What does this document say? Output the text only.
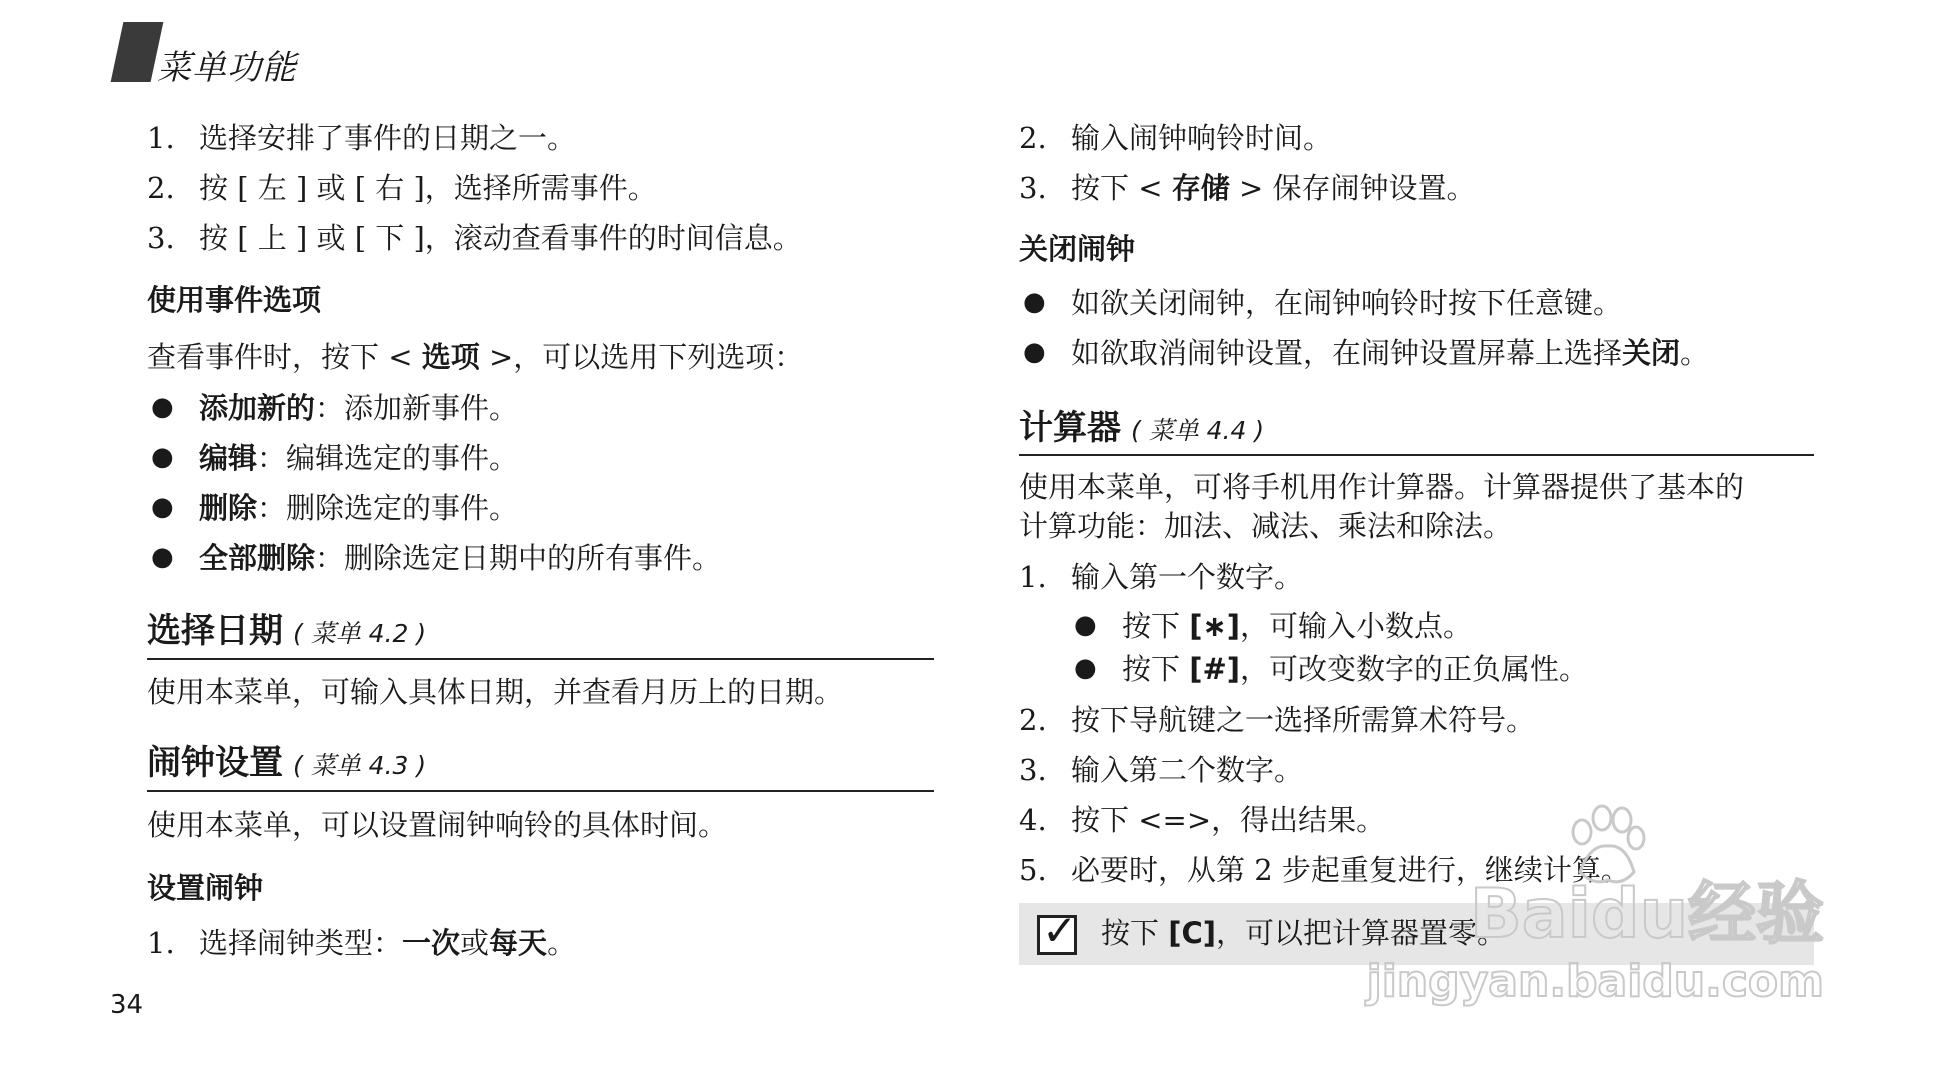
菜单功能
1. 选择安排了事件的日期之一。
2. 按 [ 左 ] 或 [ 右 ]，选择所需事件。
3. 按 [ 上 ] 或 [ 下 ]，滚动查看事件的时间信息。
使用事件选项
查看事件时，按下 < 选项 >，可以选用下列选项：
● 添加新的：添加新事件。
● 编辑：编辑选定的事件。
● 删除：删除选定的事件。
● 全部删除：删除选定日期中的所有事件。
选择日期 ( 菜单 4.2 )
使用本菜单，可输入具体日期，并查看月历上的日期。
闹钟设置 ( 菜单 4.3 )
使用本菜单，可以设置闹钟响铃的具体时间。
设置闹钟
1. 选择闹钟类型：一次或每天。
34
2. 输入闹钟响铃时间。
3. 按下 < 存储 > 保存闹钟设置。
关闭闹钟
● 如欲关闭闹钟，在闹钟响铃时按下任意键。
● 如欲取消闹钟设置，在闹钟设置屏幕上选择关闭。
计算器 ( 菜单 4.4 )
使用本菜单，可将手机用作计算器。计算器提供了基本的
计算功能：加法、减法、乘法和除法。
1. 输入第一个数字。
● 按下 [∗]，可输入小数点。
● 按下 [#]，可改变数字的正负属性。
2. 按下导航键之一选择所需算术符号。
3. 输入第二个数字。
4. 按下 <=>，得出结果。
5. 必要时，从第 2 步起重复进行，继续计算。
✓ 按下 [C]，可以把计算器置零。
Baidu经验
jingyan.baidu.com
